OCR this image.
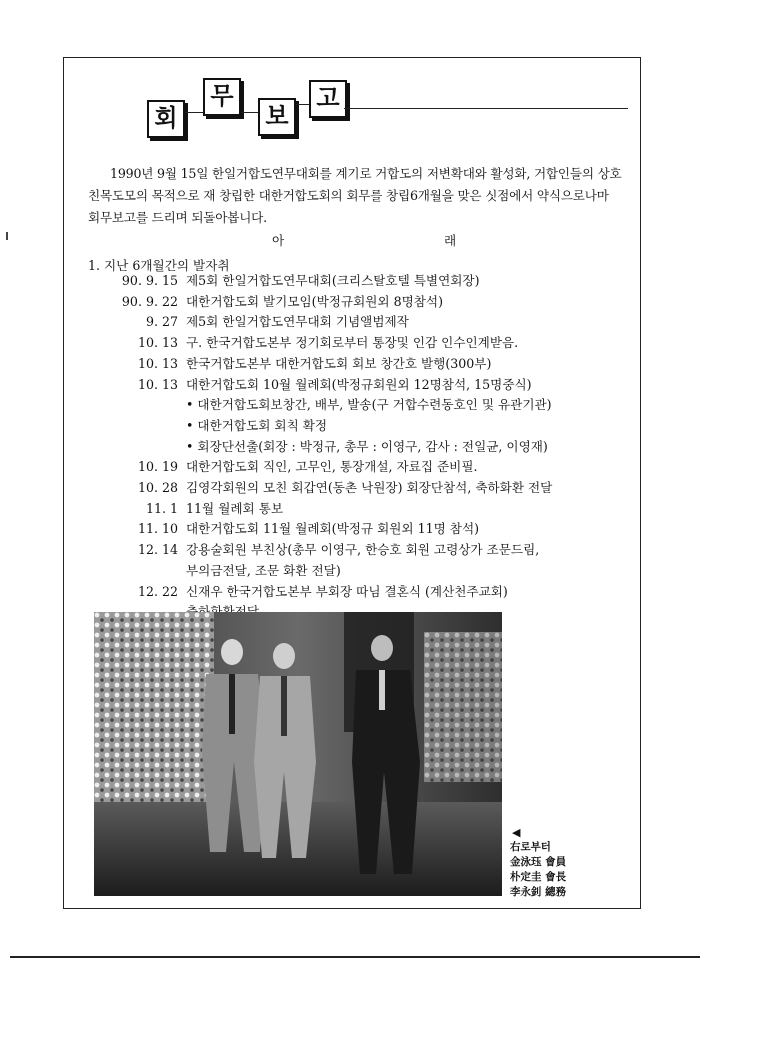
회
무
보
고

1990년 9월 15일 한일거합도연무대회를 계기로 거합도의 저변확대와 활성화, 거합인들의 상호 친목도모의 목적으로 재 창립한 대한거합도회의 회무를 창립6개월을 맞은 싯점에서 약식으로나마 회무보고를 드리며 되돌아봅니다.

아	래
1. 지난 6개월간의 발자취
90. 9. 15 제5회 한일거합도연무대회(크리스탈호텔 특별연회장)
90. 9. 22 대한거합도회 발기모임(박정규회원외 8명참석)
9. 27 제5회 한일거합도연무대회 기념앨범제작
10. 13 구. 한국거합도본부 정기회로부터 통장및 인감 인수인계받음.
10. 13 한국거합도본부 대한거합도회 회보 창간호 발행(300부)
10. 13 대한거합도회 10월 월례회(박정규회원외 12명참석, 15명중식)
• 대한거합도회보창간, 배부, 발송(구 거합수련동호인 및 유관기관)
• 대한거합도회 회칙 확정
• 회장단선출(회장 : 박정규, 총무 : 이영구, 감사 : 전일균, 이영재)
10. 19 대한거합도회 직인, 고무인, 통장개설, 자료집 준비필.
10. 28 김영각회원의 모친 회갑연(동촌 낙원장) 회장단참석, 축하화환 전달
11. 1 11월 월례회 통보
11. 10 대한거합도회 11월 월례회(박정규 회원외 11명 참석)
12. 14 강용술회원 부친상(총무 이영구, 한승호 회원 고령상가 조문드림,
부의금전달, 조문 화환 전달)
12. 22 신재우 한국거합도본부 부회장 따님 결혼식 (계산천주교회)
◀
右로부터
金泳珏 會員
朴定圭 會長
李永釗 總務
